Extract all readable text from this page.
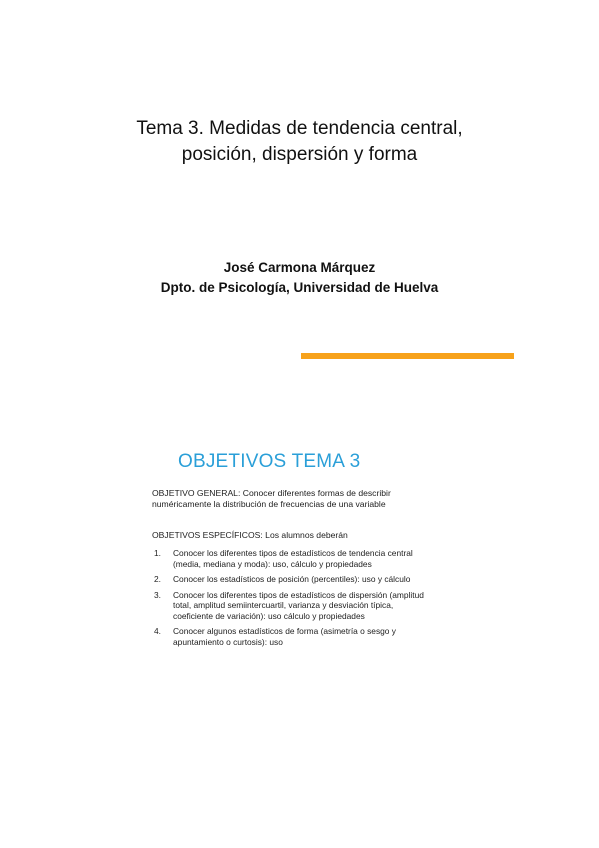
Tema 3. Medidas de tendencia central,
posición, dispersión y forma
José Carmona Márquez
Dpto. de Psicología, Universidad de Huelva
OBJETIVOS TEMA 3
OBJETIVO GENERAL: Conocer diferentes formas de describir numéricamente la distribución de frecuencias de una variable
OBJETIVOS ESPECÍFICOS: Los alumnos deberán
1. Conocer los diferentes tipos de estadísticos de tendencia central (media, mediana y moda): uso, cálculo y propiedades
2. Conocer los estadísticos de posición (percentiles): uso y cálculo
3. Conocer los diferentes tipos de estadísticos de dispersión (amplitud total, amplitud semiintercuartil, varianza y desviación típica, coeficiente de variación): uso cálculo y propiedades
4. Conocer algunos estadísticos de forma (asimetría o sesgo y apuntamiento o curtosis): uso
